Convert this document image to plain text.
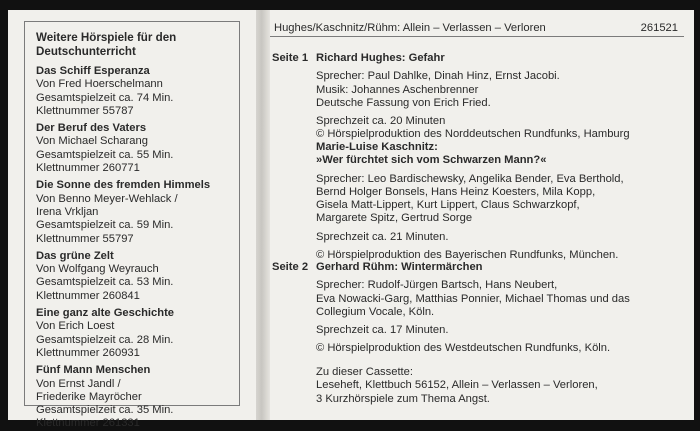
Weitere Hörspiele für den
Deutschunterricht
Das Schiff Esperanza
Von Fred Hoerschelmann
Gesamtspielzeit ca. 74 Min.
Klettnummer 55787
Der Beruf des Vaters
Von Michael Scharang
Gesamtspielzeit ca. 55 Min.
Klettnummer 260771
Die Sonne des fremden Himmels
Von Benno Meyer-Wehlack /
Irena Vrkljan
Gesamtspielzeit ca. 59 Min.
Klettnummer 55797
Das grüne Zelt
Von Wolfgang Weyrauch
Gesamtspielzeit ca. 53 Min.
Klettnummer 260841
Eine ganz alte Geschichte
Von Erich Loest
Gesamtspielzeit ca. 28 Min.
Klettnummer 260931
Fünf Mann Menschen
Von Ernst Jandl /
Friederike Mayröcher
Gesamtspielzeit ca. 35 Min.
Klettnummer 261331
Hughes/Kaschnitz/Rühm: Allein – Verlassen – Verloren	261521
Seite 1 Richard Hughes: Gefahr
Sprecher: Paul Dahlke, Dinah Hinz, Ernst Jacobi.
Musik: Johannes Aschenbrenner
Deutsche Fassung von Erich Fried.
Sprechzeit ca. 20 Minuten
© Hörspielproduktion des Norddeutschen Rundfunks, Hamburg
Marie-Luise Kaschnitz:
»Wer fürchtet sich vom Schwarzen Mann?«
Sprecher: Leo Bardischewsky, Angelika Bender, Eva Berthold,
Bernd Holger Bonsels, Hans Heinz Koesters, Mila Kopp,
Gisela Matt-Lippert, Kurt Lippert, Claus Schwarzkopf,
Margarete Spitz, Gertrud Sorge
Sprechzeit ca. 21 Minuten.
© Hörspielproduktion des Bayerischen Rundfunks, München.
Seite 2 Gerhard Rühm: Wintermärchen
Sprecher: Rudolf-Jürgen Bartsch, Hans Neubert,
Eva Nowacki-Garg, Matthias Ponnier, Michael Thomas und das
Collegium Vocale, Köln.
Sprechzeit ca. 17 Minuten.
© Hörspielproduktion des Westdeutschen Rundfunks, Köln.
Zu dieser Cassette:
Leseheft, Klettbuch 56152, Allein – Verlassen – Verloren,
3 Kurzhörspiele zum Thema Angst.
